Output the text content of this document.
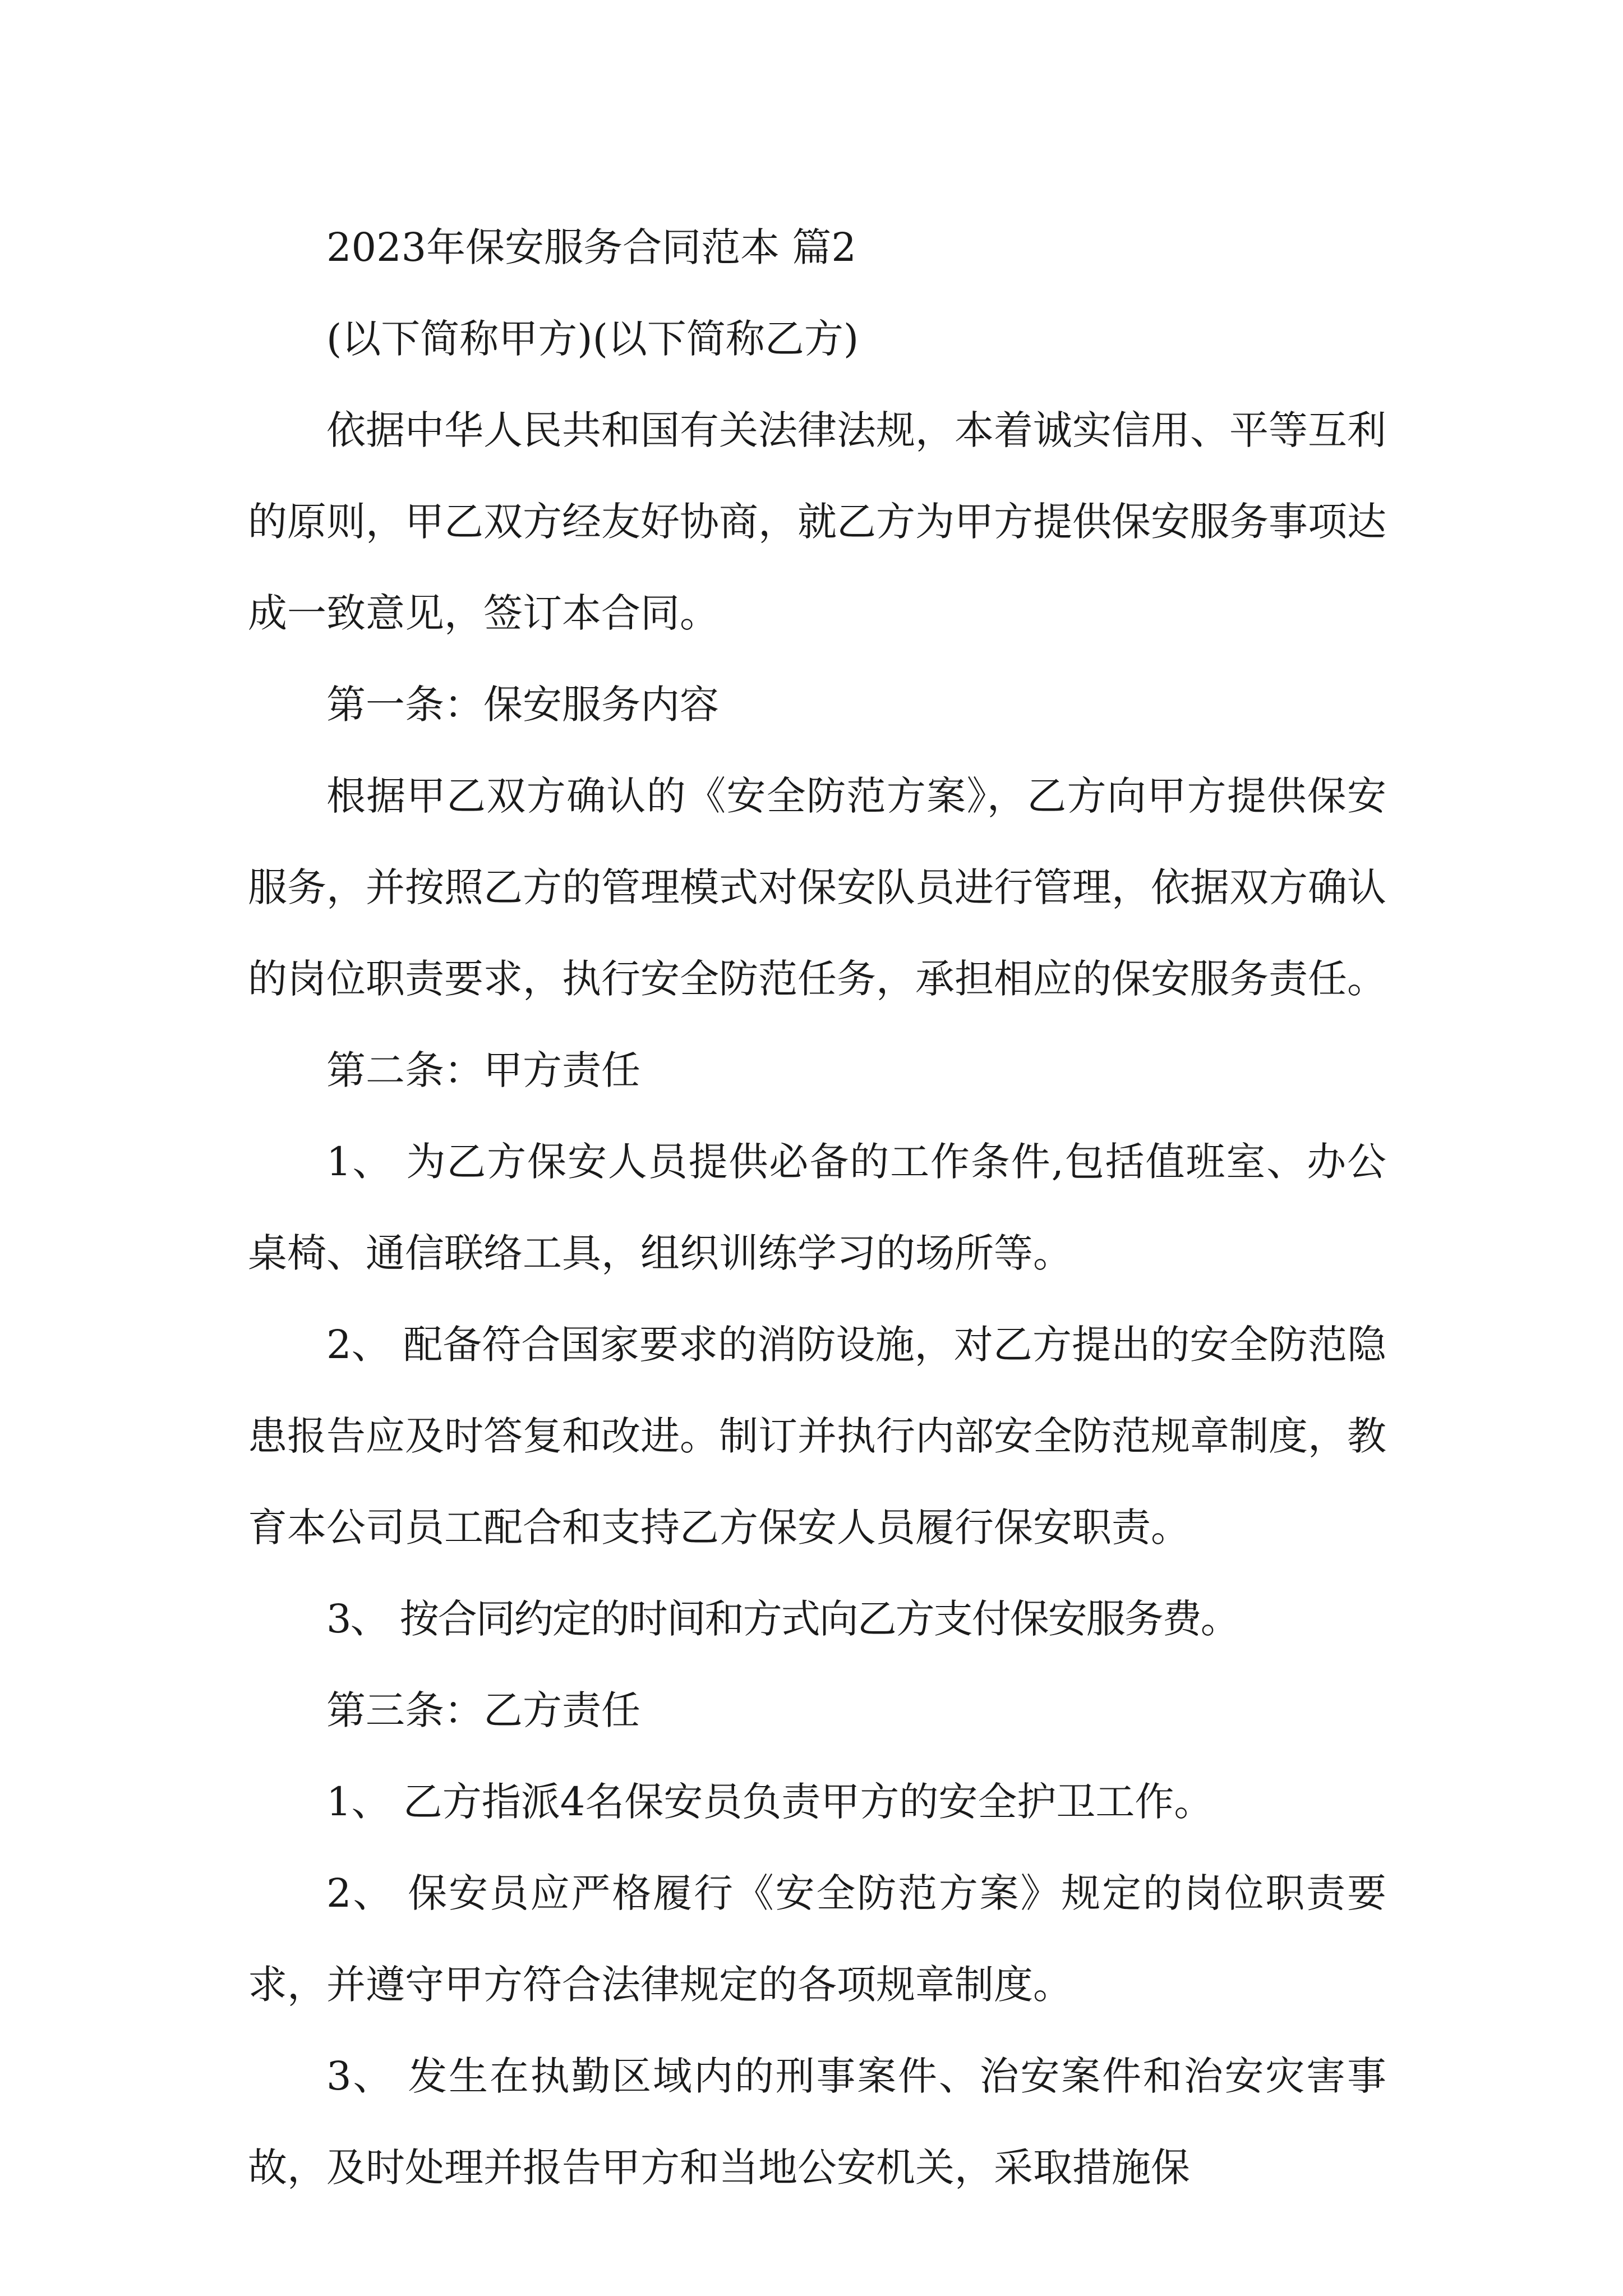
2023年保安服务合同范本 篇2

(以下简称甲方)(以下简称乙方)

依据中华人民共和国有关法律法规，本着诚实信用、平等互利的原则，甲乙双方经友好协商，就乙方为甲方提供保安服务事项达成一致意见，签订本合同。

第一条：保安服务内容

根据甲乙双方确认的《安全防范方案》，乙方向甲方提供保安服务，并按照乙方的管理模式对保安队员进行管理，依据双方确认的岗位职责要求，执行安全防范任务，承担相应的保安服务责任。

第二条：甲方责任

1、 为乙方保安人员提供必备的工作条件,包括值班室、办公桌椅、通信联络工具，组织训练学习的场所等。

2、 配备符合国家要求的消防设施，对乙方提出的安全防范隐患报告应及时答复和改进。制订并执行内部安全防范规章制度，教育本公司员工配合和支持乙方保安人员履行保安职责。

3、 按合同约定的时间和方式向乙方支付保安服务费。

第三条：乙方责任

1、 乙方指派4名保安员负责甲方的安全护卫工作。

2、 保安员应严格履行《安全防范方案》规定的岗位职责要求，并遵守甲方符合法律规定的各项规章制度。

3、 发生在执勤区域内的刑事案件、治安案件和治安灾害事故，及时处理并报告甲方和当地公安机关，采取措施保
